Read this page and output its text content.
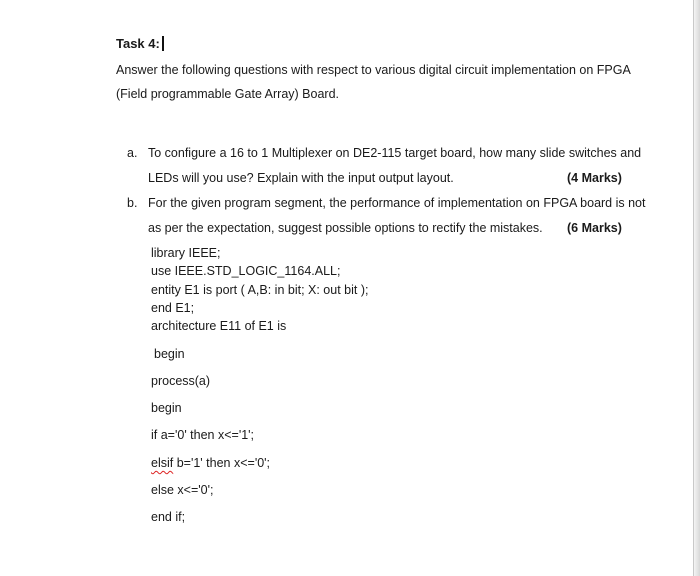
Task 4:
Answer the following questions with respect to various digital circuit implementation on FPGA
(Field programmable Gate Array) Board.
a. To configure a 16 to 1 Multiplexer on DE2-115 target board, how many slide switches and
LEDs will you use? Explain with the input output layout.	(4 Marks)
b. For the given program segment, the performance of implementation on FPGA board is not
as per the expectation, suggest possible options to rectify the mistakes. (6 Marks)
library IEEE;
use IEEE.STD_LOGIC_1164.ALL;
entity E1 is port ( A,B: in bit; X: out bit );
end E1;
architecture E11 of E1 is
begin
process(a)
begin
if a='0' then x<='1';
elsif b='1' then x<='0';
else x<='0';
end if;
